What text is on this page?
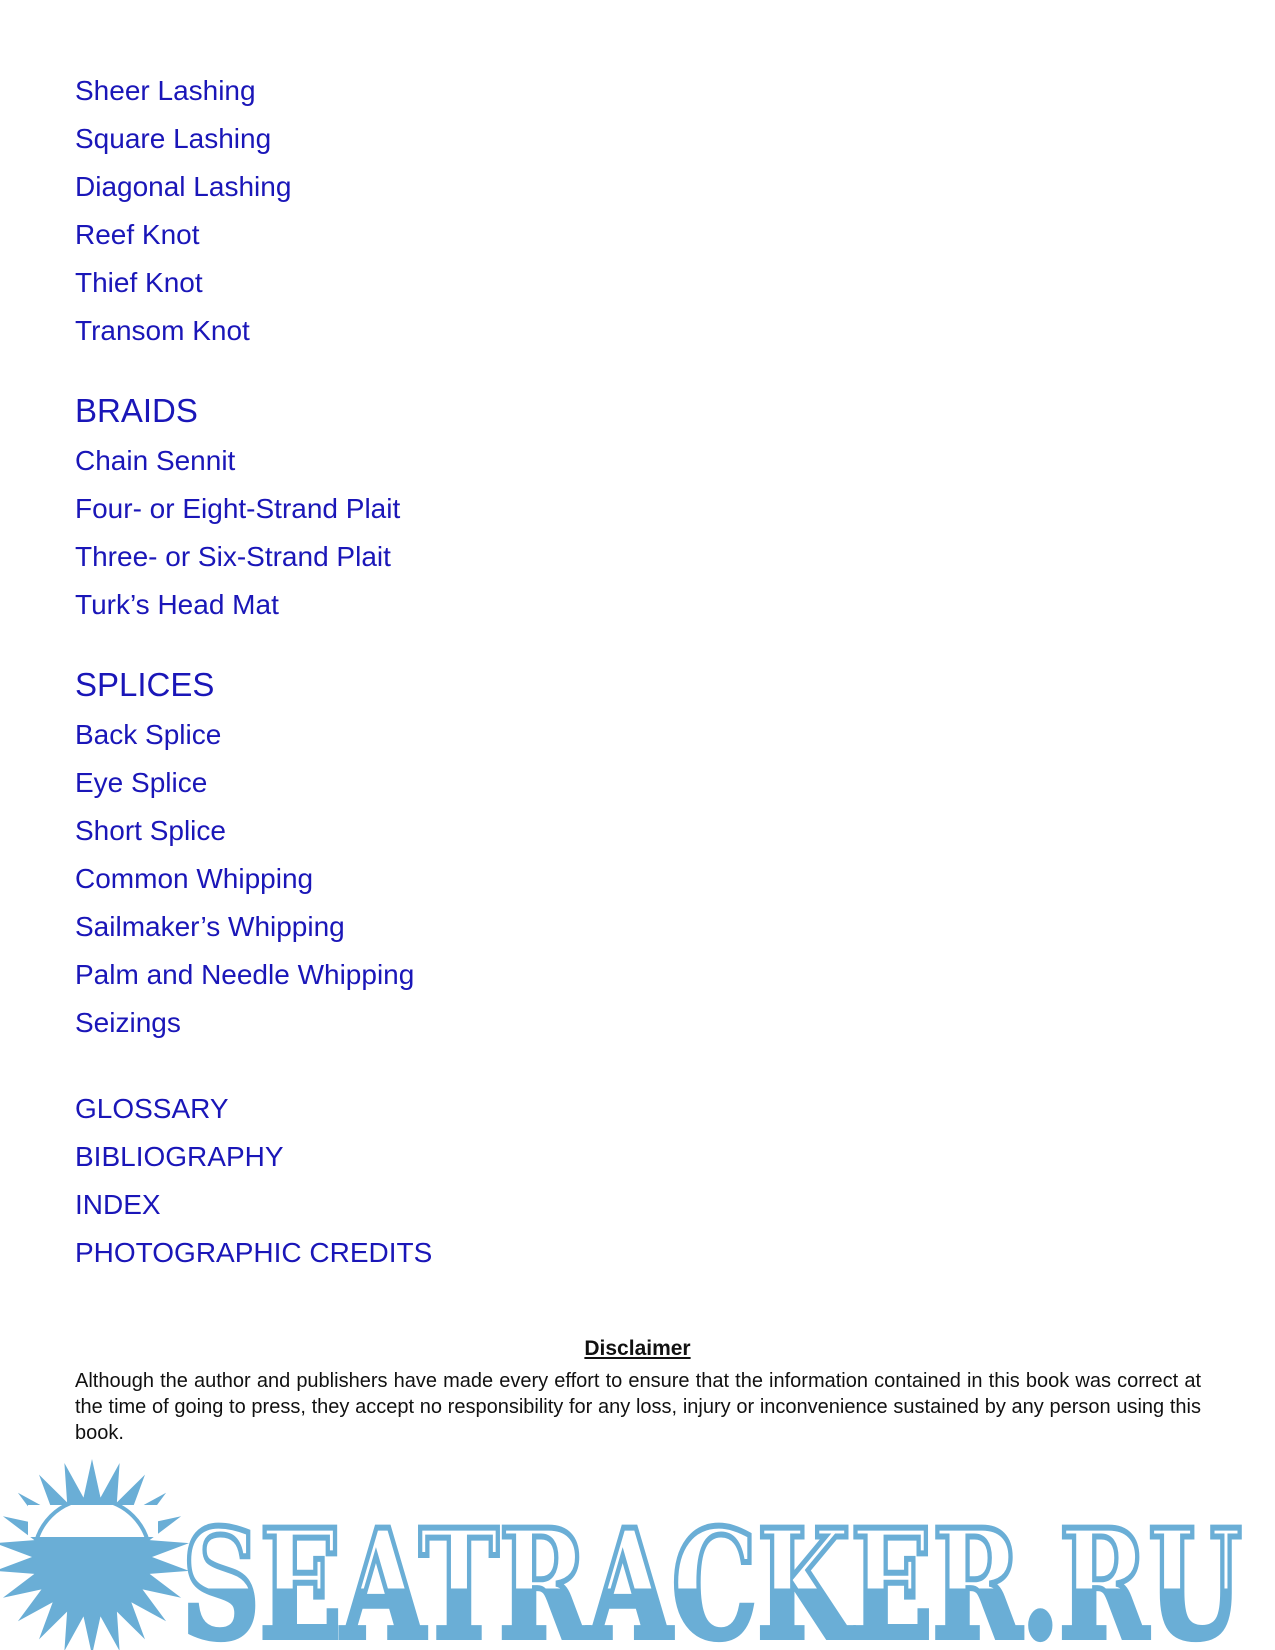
Sheer Lashing
Square Lashing
Diagonal Lashing
Reef Knot
Thief Knot
Transom Knot
BRAIDS
Chain Sennit
Four- or Eight-Strand Plait
Three- or Six-Strand Plait
Turk’s Head Mat
SPLICES
Back Splice
Eye Splice
Short Splice
Common Whipping
Sailmaker’s Whipping
Palm and Needle Whipping
Seizings
GLOSSARY
BIBLIOGRAPHY
INDEX
PHOTOGRAPHIC CREDITS
Disclaimer
Although the author and publishers have made every effort to ensure that the information contained in this book was correct at the time of going to press, they accept no responsibility for any loss, injury or inconvenience sustained by any person using this book.
SEATRACKER.RU
